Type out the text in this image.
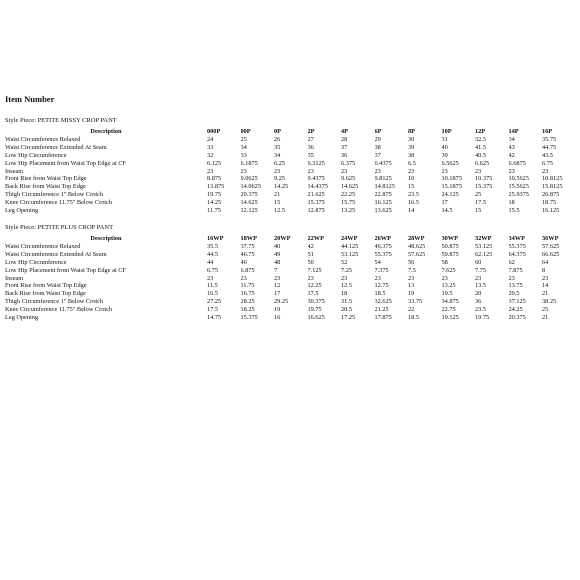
Item Number
Style Piece: PETITE MISSY CROP PANT
Description	000P	00P	0P	2P	4P	6P	8P	10P	12P	14P	16P
Waist Circumference Relaxed	24	25	26	27	28	29	30	31	32.5	34	35.75
Waist Circumference Extended At Seam	33	34	35	36	37	38	39	40	41.5	43	44.75
Low Hip Circumference	32	33	34	35	36	37	38	39	40.5	42	43.5
Low Hip Placement from Waist Top Edge at CF	6.125	6.1875	6.25	6.3125	6.375	6.4375	6.5	6.5625	6.625	6.6875	6.75
Inseam	23	23	23	23	23	23	23	23	23	23	23
Front Rise from Waist Top Edge	8.875	9.0625	9.25	9.4375	9.625	9.8125	10	10.1875	10.375	10.5625	10.8125
Back Rise from Waist Top Edge	13.875	14.0625	14.25	14.4375	14.625	14.8125	15	15.1875	15.375	15.5625	15.8125
Thigh Circumference 1" Below Crotch	19.75	20.375	21	21.625	22.25	22.875	23.5	24.125	25	25.9375	26.875
Knee Circumference 11.75" Below Crotch	14.25	14.625	15	15.375	15.75	16.125	16.5	17	17.5	18	18.75
Leg Opening	11.75	12.125	12.5	12.875	13.25	13.625	14	14.5	15	15.5	16.125
Style Piece: PETITE PLUS CROP PANT
Description	16WP	18WP	20WP	22WP	24WP	26WP	28WP	30WP	32WP	34WP	36WP
Waist Circumference Relaxed	35.5	37.75	40	42	44.125	46.375	48.625	50.875	53.125	55.375	57.625
Waist Circumference Extended At Seam	44.5	46.75	49	51	53.125	55.375	57.625	59.875	62.125	64.375	66.625
Low Hip Circumference	44	46	48	50	52	54	56	58	60	62	64
Low Hip Placement from Waist Top Edge at CF	6.75	6.875	7	7.125	7.25	7.375	7.5	7.625	7.75	7.875	8
Inseam	23	23	23	23	23	23	23	23	23	23	23
Front Rise from Waist Top Edge	11.5	11.75	12	12.25	12.5	12.75	13	13.25	13.5	13.75	14
Back Rise from Waist Top Edge	16.5	16.75	17	17.5	18	18.5	19	19.5	20	20.5	21
Thigh Circumference 1" Below Crotch	27.25	28.25	29.25	30.375	31.5	32.625	33.75	34.875	36	37.125	38.25
Knee Circumference 11.75" Below Crotch	17.5	18.25	19	19.75	20.5	21.25	22	22.75	23.5	24.25	25
Leg Opening	14.75	15.375	16	16.625	17.25	17.875	18.5	19.125	19.75	20.375	21
